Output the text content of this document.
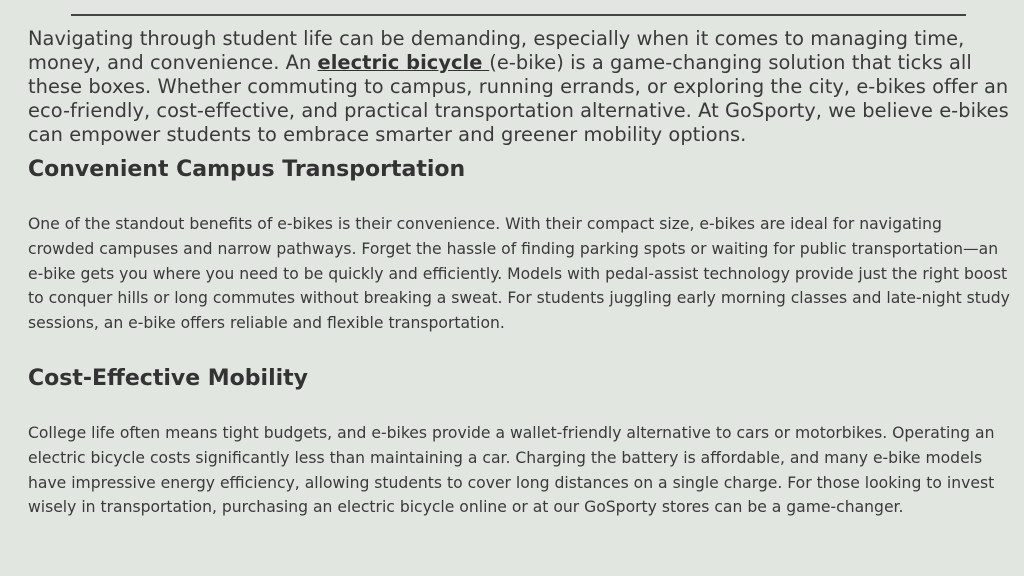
Navigating through student life can be demanding, especially when it comes to managing time, money, and convenience. An electric bicycle (e-bike) is a game-changing solution that ticks all these boxes. Whether commuting to campus, running errands, or exploring the city, e-bikes offer an eco-friendly, cost-effective, and practical transportation alternative. At GoSporty, we believe e-bikes can empower students to embrace smarter and greener mobility options.

Convenient Campus Transportation

One of the standout benefits of e-bikes is their convenience. With their compact size, e-bikes are ideal for navigating crowded campuses and narrow pathways. Forget the hassle of finding parking spots or waiting for public transportation—an e-bike gets you where you need to be quickly and efficiently. Models with pedal-assist technology provide just the right boost to conquer hills or long commutes without breaking a sweat. For students juggling early morning classes and late-night study sessions, an e-bike offers reliable and flexible transportation.

Cost-Effective Mobility

College life often means tight budgets, and e-bikes provide a wallet-friendly alternative to cars or motorbikes. Operating an electric bicycle costs significantly less than maintaining a car. Charging the battery is affordable, and many e-bike models have impressive energy efficiency, allowing students to cover long distances on a single charge. For those looking to invest wisely in transportation, purchasing an electric bicycle online or at our GoSporty stores can be a game-changer.
